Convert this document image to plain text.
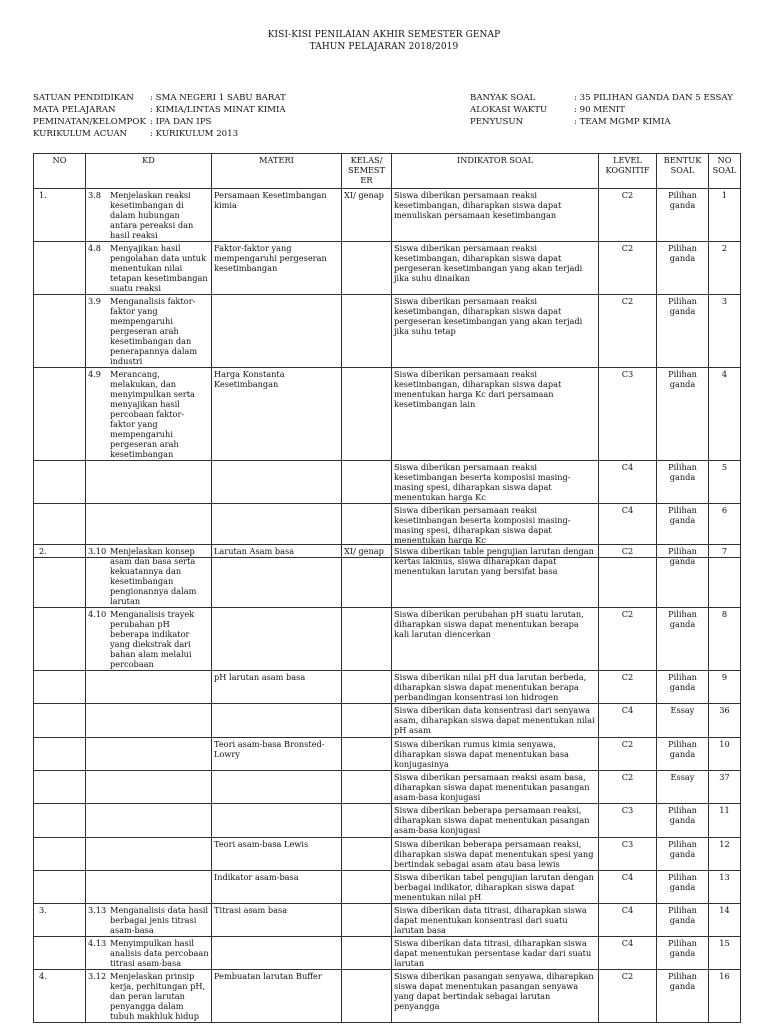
KISI-KISI PENILAIAN AKHIR SEMESTER GENAP
TAHUN PELAJARAN 2018/2019
SATUAN PENDIDIKAN	: SMA NEGERI 1 SABU BARAT
MATA PELAJARAN	: KIMIA/LINTAS MINAT KIMIA
PEMINATAN/KELOMPOK : IPA DAN IPS
KURIKULUM ACUAN	: KURIKULUM 2013
BANYAK SOAL	: 35 PILIHAN GANDA DAN 5 ESSAY
ALOKASI WAKTU	: 90 MENIT
PENYUSUN	: TEAM MGMP KIMIA
NO	KD	MATERI	KELAS/ SEMEST ER	INDIKATOR SOAL	LEVEL KOGNITIF	BENTUK SOAL	NO SOAL
1.	3.8 Menjelaskan reaksi kesetimbangan di dalam hubungan antara pereaksi dan hasil reaksi	Persamaan Kesetimbangan kimia	XI/ genap	Siswa diberikan persamaan reaksi kesetimbangan, diharapkan siswa dapat menuliskan persamaan kesetimbangan	C2	Pilihan ganda	1

	4.8 Menyajikan hasil pengolahan data untuk menentukan nilai tetapan kesetimbangan suatu reaksi	Faktor-faktor yang mempengaruhi pergeseran kesetimbangan		Siswa diberikan persamaan reaksi kesetimbangan, diharapkan siswa dapat pergeseran kesetimbangan yang akan terjadi jika suhu dinaikan	C2	Pilihan ganda	2

	3.9 Menganalisis faktor-faktor yang mempengaruhi pergeseran arah kesetimbangan dan penerapannya dalam industri			Siswa diberikan persamaan reaksi kesetimbangan, diharapkan siswa dapat pergeseran kesetimbangan yang akan terjadi jika suhu tetap	C2	Pilihan ganda	3

	4.9 Merancang, melakukan, dan menyimpulkan serta menyajikan hasil percobaan faktor-faktor yang mempengaruhi pergeseran arah kesetimbangan	Harga Konstanta Kesetimbangan		Siswa diberikan persamaan reaksi kesetimbangan, diharapkan siswa dapat menentukan harga Kc dari persamaan kesetimbangan lain	C3	Pilihan ganda	4

			Siswa diberikan persamaan reaksi kesetimbangan beserta komposisi masing-masing spesi, diharapkan siswa dapat menentukan harga Kc	C4	Pilihan ganda	5

			Siswa diberikan persamaan reaksi kesetimbangan beserta komposisi masing-masing spesi, diharapkan siswa dapat menentukan harga Kc	C4	Pilihan ganda	6
2.	3.10 Menjelaskan konsep asam dan basa serta kekuatannya dan kesetimbangan pengionannya dalam larutan	Larutan Asam basa	XI/ genap	Siswa diberikan table pengujian larutan dengan kertas lakmus, siswa diharapkan dapat menentukan larutan yang bersifat basa	C2	Pilihan ganda	7

	4.10 Menganalisis trayek perubahan pH beberapa indikator yang diekstrak dari bahan alam melalui percobaan			Siswa diberikan perubahan pH suatu larutan, diharapkan siswa dapat menentukan berapa kali larutan diencerkan	C2	Pilihan ganda	8

	pH larutan asam basa		Siswa diberikan nilai pH dua larutan berbeda, diharapkan siswa dapat menentukan berapa perbandingan konsentrasi ion hidrogen	C2	Pilihan ganda	9

			Siswa diberikan data konsentrasi dari senyawa asam, diharapkan siswa dapat menentukan nilai pH asam	C4	Essay	36

	Teori asam-basa Bronsted-Lowry		Siswa diberikan rumus kimia senyawa, diharapkan siswa dapat menentukan basa konjugasinya	C2	Pilihan ganda	10

			Siswa diberikan persamaan reaksi asam basa, diharapkan siswa dapat menentukan pasangan asam-basa konjugasi	C2	Essay	37

			Siswa diberikan beberapa persamaan reaksi, diharapkan siswa dapat menentukan pasangan asam-basa konjugasi	C3	Pilihan ganda	11

	Teori asam-basa Lewis		Siswa diberikan beberapa persamaan reaksi, diharapkan siswa dapat menentukan spesi yang bertindak sebagai asam atau basa lewis	C3	Pilihan ganda	12

	Indikator asam-basa		Siswa diberikan tabel pengujian larutan dengan berbagai indikator, diharapkan siswa dapat menentukan nilai pH	C4	Pilihan ganda	13
3.	3.13 Menganalisis data hasil berbagai jenis titrasi asam-basa	Titrasi asam basa		Siswa diberikan data titrasi, diharapkan siswa dapat menentukan konsentrasi dari suatu larutan basa	C4	Pilihan ganda	14

	4.13 Menyimpulkan hasil analisis data percobaan titrasi asam-basa			Siswa diberikan data titrasi, diharapkan siswa dapat menentukan persentase kadar dari suatu larutan	C4	Pilihan ganda	15
4.	3.12 Menjelaskan prinsip kerja, perhitungan pH, dan peran larutan penyangga dalam tubuh makhluk hidup	Pembuatan larutan Buffer		Siswa diberikan pasangan senyawa, diharapkan siswa dapat menentukan pasangan senyawa yang dapat bertindak sebagai larutan penyangga	C2	Pilihan ganda	16
